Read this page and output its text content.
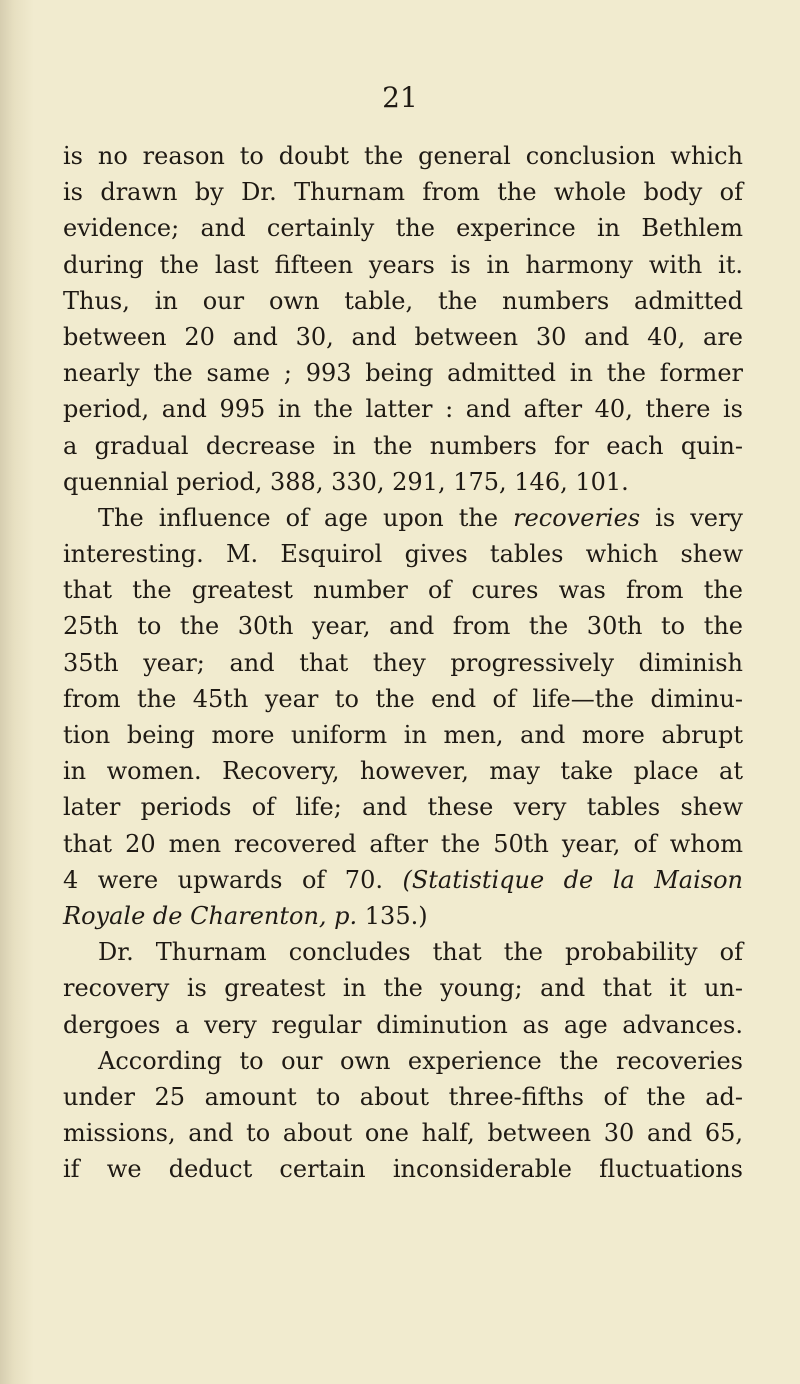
21
is no reason to doubt the general conclusion which
is drawn by Dr. Thurnam from the whole body of
evidence; and certainly the experince in Bethlem
during the last fifteen years is in harmony with it.
Thus, in our own table, the numbers admitted
between 20 and 30, and between 30 and 40, are
nearly the same ; 993 being admitted in the former
period, and 995 in the latter : and after 40, there is
a gradual decrease in the numbers for each quin-
quennial period, 388, 330, 291, 175, 146, 101.
The influence of age upon the recoveries is very
interesting. M. Esquirol gives tables which shew
that the greatest number of cures was from the
25th to the 30th year, and from the 30th to the
35th year; and that they progressively diminish
from the 45th year to the end of life—the diminu-
tion being more uniform in men, and more abrupt
in women. Recovery, however, may take place at
later periods of life; and these very tables shew
that 20 men recovered after the 50th year, of whom
4 were upwards of 70. (Statistique de la Maison
Royale de Charenton, p. 135.)
Dr. Thurnam concludes that the probability of
recovery is greatest in the young; and that it un-
dergoes a very regular diminution as age advances.
According to our own experience the recoveries
under 25 amount to about three-fifths of the ad-
missions, and to about one half, between 30 and 65,
if we deduct certain inconsiderable fluctuations
